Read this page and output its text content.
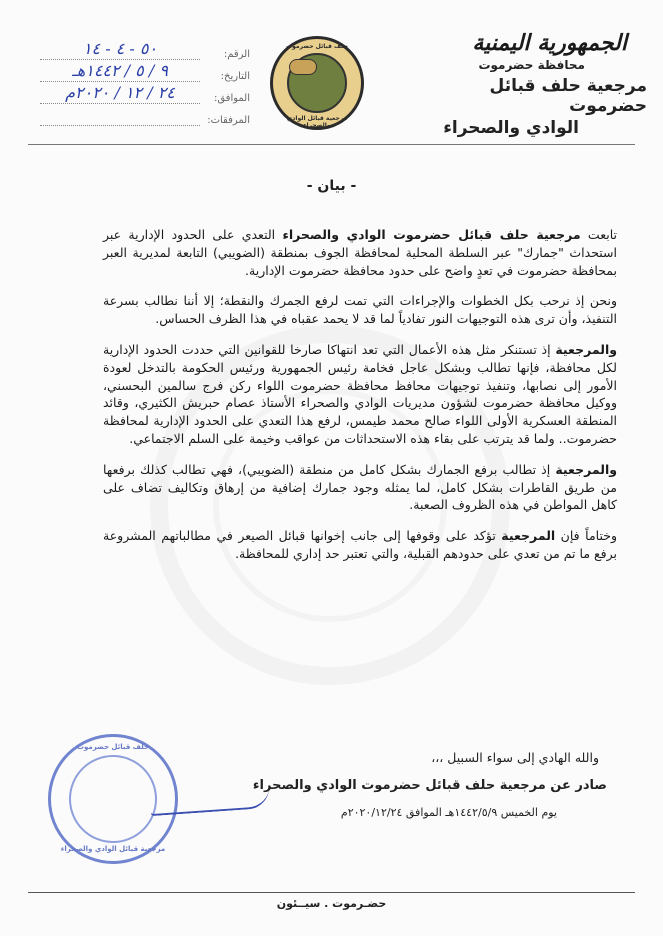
الجمهورية اليمنية
محافظة حضرموت
مرجعية حلف قبائل حضرموت
الوادي والصحراء
حلف قبائل حضرموت
مرجعية قبائل الوادي والصحراء
الرقم:
٥٠ - ٤ - ١٤
التاريخ:
٩ / ٥ / ١٤٤٢هـ
الموافق:
٢٤ / ١٢ / ٢٠٢٠م
المرفقات:
- بيان -

تابعت مرجعية حلف قبائل حضرموت الوادي والصحراء التعدي على الحدود الإدارية عبر استحداث "جمارك" عبر السلطة المحلية لمحافظة الجوف بمنطقة (الضويبي) التابعة لمديرية العبر بمحافظة حضرموت في تعدٍ واضح على حدود محافظة حضرموت الإدارية.

ونحن إذ نرحب بكل الخطوات والإجراءات التي تمت لرفع الجمرك والنقطة؛ إلا أننا نطالب بسرعة التنفيذ، وأن ترى هذه التوجيهات النور تفادياً لما قد لا يحمد عقباه في هذا الظرف الحساس.

والمرجعية إذ تستنكر مثل هذه الأعمال التي تعد انتهاكا صارخا للقوانين التي حددت الحدود الإدارية لكل محافظة، فإنها تطالب وبشكل عاجل فخامة رئيس الجمهورية ورئيس الحكومة بالتدخل لعودة الأمور إلى نصابها، وتنفيذ توجيهات محافظ محافظة حضرموت اللواء ركن فرج سالمين البحسني، ووكيل محافظة حضرموت لشؤون مديريات الوادي والصحراء الأستاذ عصام حبريش الكثيري، وقائد المنطقة العسكرية الأولى اللواء صالح محمد طيمس، لرفع هذا التعدي على الحدود الإدارية لمحافظة حضرموت.. ولما قد يترتب على بقاء هذه الاستحداثات من عواقب وخيمة على السلم الاجتماعي.

والمرجعية إذ تطالب برفع الجمارك بشكل كامل من منطقة (الضويبي)، فهي تطالب كذلك برفعها من طريق القاطرات بشكل كامل، لما يمثله وجود جمارك إضافية من إرهاق وتكاليف تضاف على كاهل المواطن في هذه الظروف الصعبة.

وختاماً فإن المرجعية تؤكد على وقوفها إلى جانب إخوانها قبائل الصيعر في مطالباتهم المشروعة برفع ما تم من تعدي على حدودهم القبلية، والتي تعتبر حد إداري للمحافظة.

والله الهادي إلى سواء السبيل ،،،
صادر عن مرجعية حلف قبائل حضرموت الوادي والصحراء
يوم الخميس ١٤٤٢/٥/٩هـ الموافق ٢٠٢٠/١٢/٢٤م
حلف قبائل حضرموت
مرجعية قبائل الوادي والصحراء
حضـرموت . سيــئون
